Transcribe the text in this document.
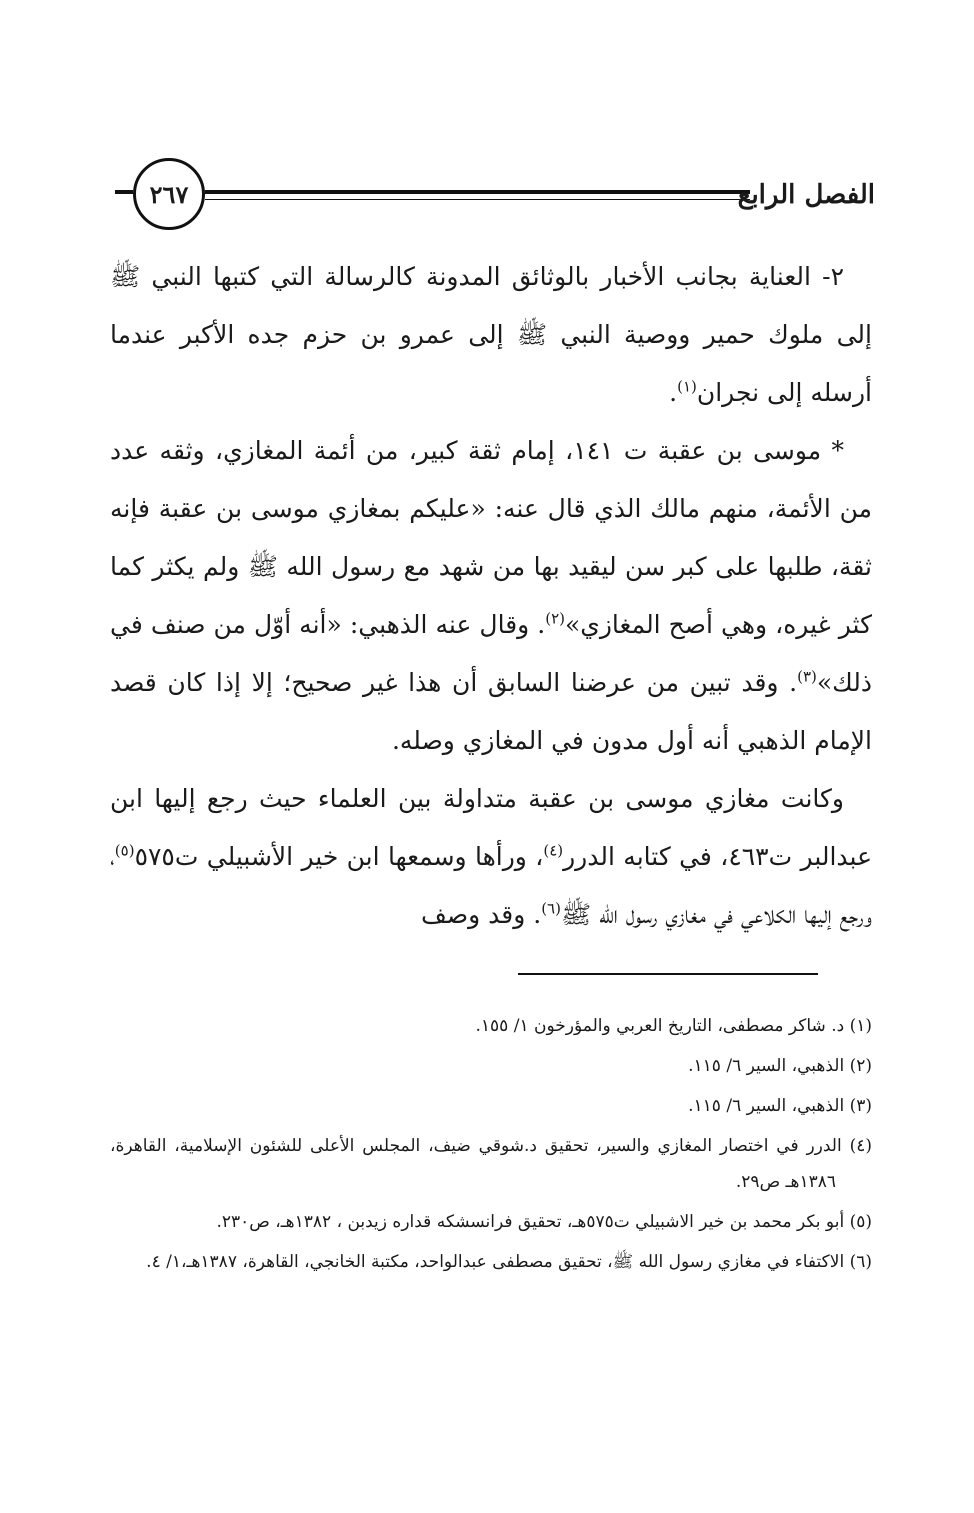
٢٦٧	الفصل الرابع

٢- العناية بجانب الأخبار بالوثائق المدونة كالرسالة التي كتبها النبي ﷺ إلى ملوك حمير ووصية النبي ﷺ إلى عمرو بن حزم جده الأكبر عندما أرسله إلى نجران$^{(١)}$.

* موسى بن عقبة ت ١٤١، إمام ثقة كبير، من أئمة المغازي، وثقه عدد من الأئمة، منهم مالك الذي قال عنه: «عليكم بمغازي موسى بن عقبة فإنه ثقة، طلبها على كبر سن ليقيد بها من شهد مع رسول الله ﷺ ولم يكثر كما كثر غيره، وهي أصح المغازي»$^{(٢)}$. وقال عنه الذهبي: «أنه أوّل من صنف في ذلك»$^{(٣)}$. وقد تبين من عرضنا السابق أن هذا غير صحيح؛ إلا إذا كان قصد الإمام الذهبي أنه أول مدون في المغازي وصله.

وكانت مغازي موسى بن عقبة متداولة بين العلماء حيث رجع إليها ابن عبدالبر ت٤٦٣، في كتابه الدرر$^{(٤)}$، ورأها وسمعها ابن خير الأشبيلي ت٥٧٥$^{(٥)}$، ورجع إليها الكلاعي في مغازي رسول الله ﷺ$^{(٦)}$. وقد وصف

(١) د. شاكر مصطفى، التاريخ العربي والمؤرخون ١/ ١٥٥.

(٢) الذهبي، السير ٦/ ١١٥.

(٣) الذهبي، السير ٦/ ١١٥.

(٤) الدرر في اختصار المغازي والسير، تحقيق د.شوقي ضيف، المجلس الأعلى للشئون الإسلامية، القاهرة، ١٣٨٦هـ ص٢٩.

(٥) أبو بكر محمد بن خير الاشبيلي ت٥٧٥هـ، تحقيق فرانسشكه قداره زيدبن ، ١٣٨٢هـ، ص٢٣٠.

(٦) الاكتفاء في مغازي رسول الله ﷺ، تحقيق مصطفى عبدالواحد، مكتبة الخانجي، القاهرة، ١٣٨٧هـ،١/ ٤.
